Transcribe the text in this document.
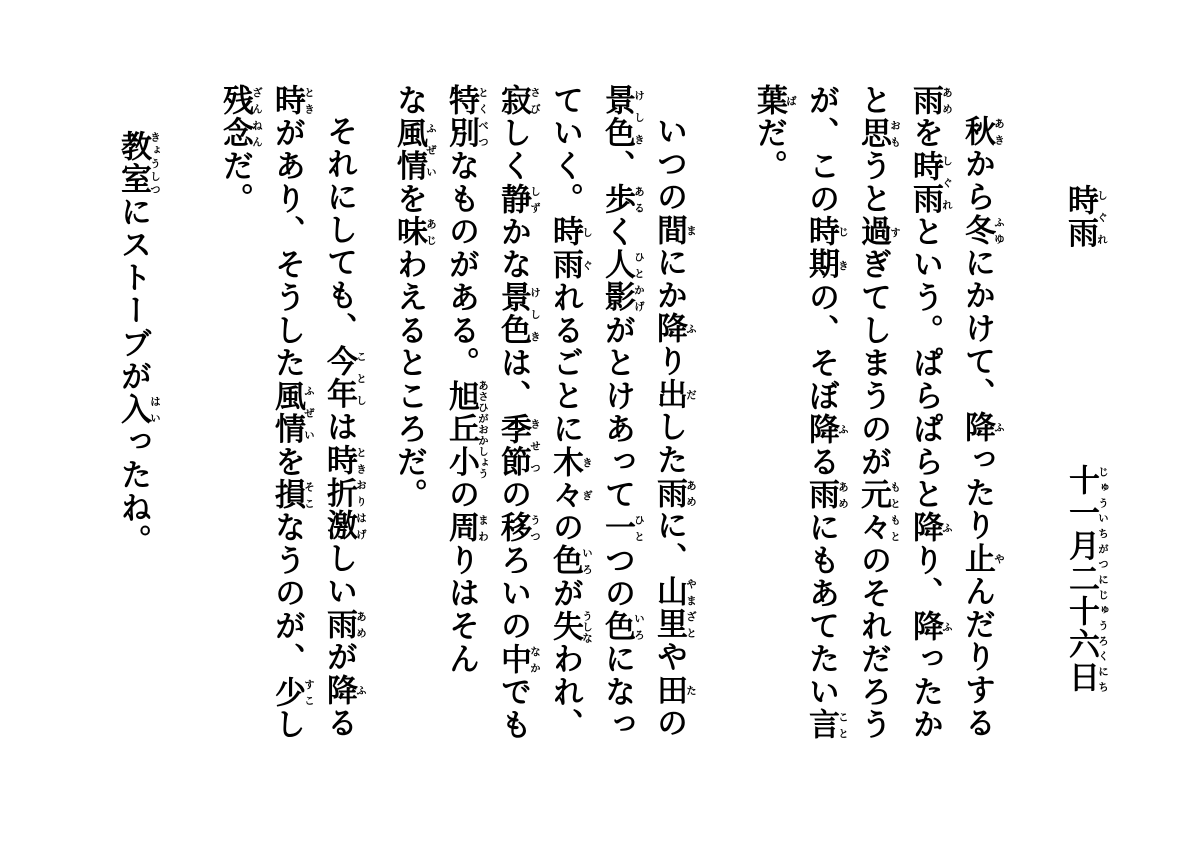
十一月二十六日じゅういちがつにじゅうろくにち
時雨しぐれ
秋あきから冬ふゆにかけて、降ふったり止やんだりする
雨あめを時雨しぐれという。ぱらぱらと降ふり、降ふったか
と思おもうと過すぎてしまうのが元々もともとのそれだろう
が、この時期じきの、そぼ降ふる雨あめにもあてたい言こと
葉ばだ。
いつの間まにか降ふり出だした雨あめに、山里やまざとや田たの
景色けしき、歩あるく人影ひとかげがとけあって一ひとつの色いろになっ
ていく。時し雨ぐれるごとに木々きぎの色いろが失うしなわれ、
寂さびしく静しずかな景色けしきは、季節きせつの移うつろいの中なかでも
特別とくべつなものがある。旭丘小あさひがおかしょうの周まわりはそん
な風情ふぜいを味あじわえるところだ。
それにしても、今年ことしは時折ときおり激はげしい雨あめが降ふる
時ときがあり、そうした風情ふぜいを損そこなうのが、少すこし
残念ざんねんだ。
教室きょうしつにストーブが入はいったね。
